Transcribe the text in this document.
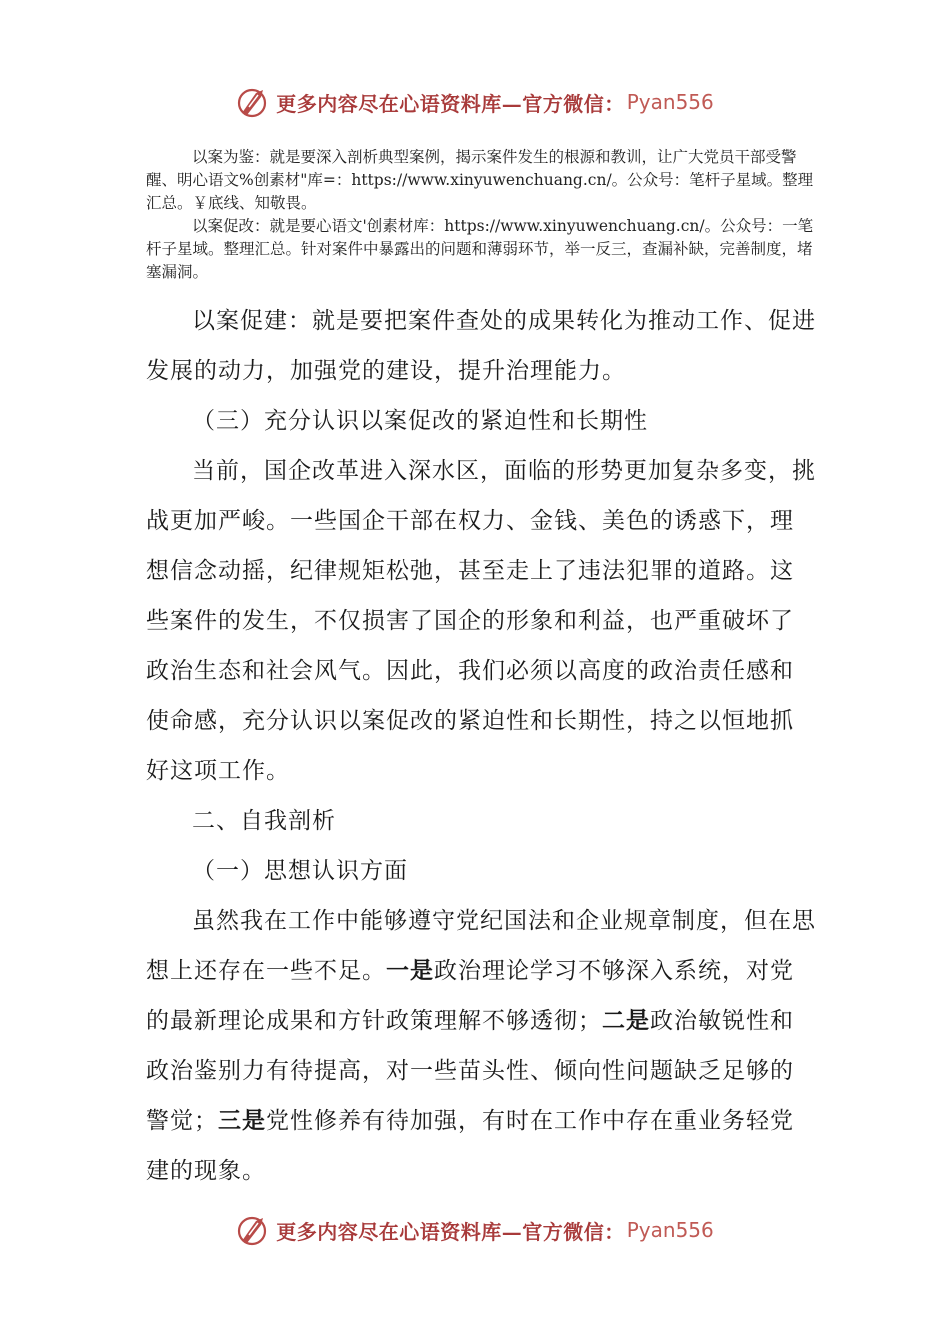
更多内容尽在心语资料库—官方微信： Pyan556

以案为鉴：就是要深入剖析典型案例，揭示案件发生的根源和教训，让广大党员干部受警醒、明心语文%创素材"库=：https://www.xinyuwenchuang.cn/。公众号：笔杆子星域。整理汇总。￥底线、知敬畏。

以案促改：就是要心语文'创素材库：https://www.xinyuwenchuang.cn/。公众号：一笔杆子星域。整理汇总。针对案件中暴露出的问题和薄弱环节，举一反三，查漏补缺，完善制度，堵塞漏洞。

以案促建：就是要把案件查处的成果转化为推动工作、促进发展的动力，加强党的建设，提升治理能力。

（三）充分认识以案促改的紧迫性和长期性

当前，国企改革进入深水区，面临的形势更加复杂多变，挑战更加严峻。一些国企干部在权力、金钱、美色的诱惑下，理想信念动摇，纪律规矩松弛，甚至走上了违法犯罪的道路。这些案件的发生，不仅损害了国企的形象和利益，也严重破坏了政治生态和社会风气。因此，我们必须以高度的政治责任感和使命感，充分认识以案促改的紧迫性和长期性，持之以恒地抓好这项工作。

二、自我剖析

（一）思想认识方面

虽然我在工作中能够遵守党纪国法和企业规章制度，但在思想上还存在一些不足。一是政治理论学习不够深入系统，对党的最新理论成果和方针政策理解不够透彻；二是政治敏锐性和政治鉴别力有待提高，对一些苗头性、倾向性问题缺乏足够的警觉；三是党性修养有待加强，有时在工作中存在重业务轻党建的现象。

更多内容尽在心语资料库—官方微信： Pyan556
